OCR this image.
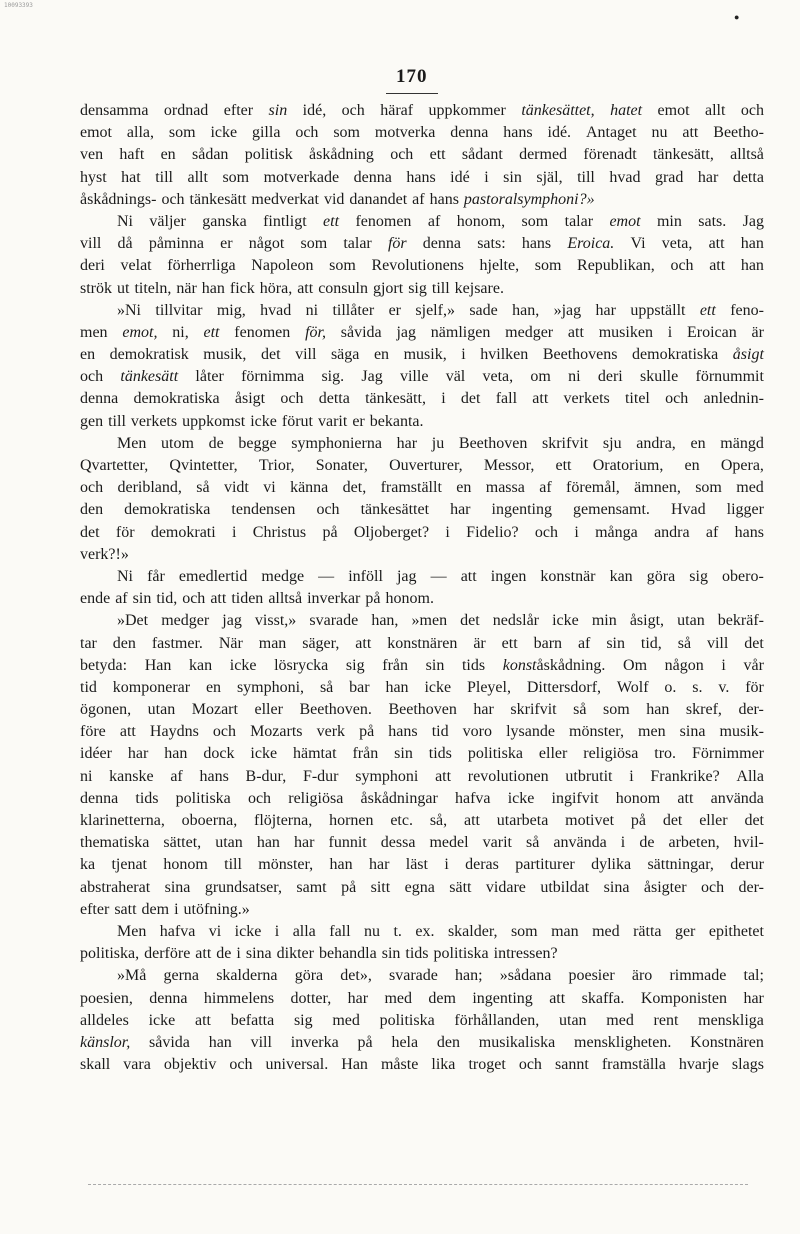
10093393
●
170
densamma ordnad efter sin idé, och häraf uppkommer tänkesättet, hatet emot allt och
emot alla, som icke gilla och som motverka denna hans idé. Antaget nu att Beetho-
ven haft en sådan politisk åskådning och ett sådant dermed förenadt tänkesätt, alltså
hyst hat till allt som motverkade denna hans idé i sin själ, till hvad grad har detta
åskådnings- och tänkesätt medverkat vid danandet af hans pastoralsymphoni?»
Ni väljer ganska fintligt ett fenomen af honom, som talar emot min sats. Jag
vill då påminna er något som talar för denna sats: hans Eroica. Vi veta, att han
deri velat förherrliga Napoleon som Revolutionens hjelte, som Republikan, och att han
strök ut titeln, när han fick höra, att consuln gjort sig till kejsare.
»Ni tillvitar mig, hvad ni tillåter er sjelf,» sade han, »jag har uppställt ett feno-
men emot, ni, ett fenomen för, såvida jag nämligen medger att musiken i Eroican är
en demokratisk musik, det vill säga en musik, i hvilken Beethovens demokratiska åsigt
och tänkesätt låter förnimma sig. Jag ville väl veta, om ni deri skulle förnummit
denna demokratiska åsigt och detta tänkesätt, i det fall att verkets titel och anlednin-
gen till verkets uppkomst icke förut varit er bekanta.
Men utom de begge symphonierna har ju Beethoven skrifvit sju andra, en mängd
Qvartetter, Qvintetter, Trior, Sonater, Ouverturer, Messor, ett Oratorium, en Opera,
och deribland, så vidt vi känna det, framställt en massa af föremål, ämnen, som med
den demokratiska tendensen och tänkesättet har ingenting gemensamt. Hvad ligger
det för demokrati i Christus på Oljoberget? i Fidelio? och i många andra af hans
verk?!»
Ni får emedlertid medge — inföll jag — att ingen konstnär kan göra sig obero-
ende af sin tid, och att tiden alltså inverkar på honom.
»Det medger jag visst,» svarade han, »men det nedslår icke min åsigt, utan bekräf-
tar den fastmer. När man säger, att konstnären är ett barn af sin tid, så vill det
betyda: Han kan icke lösrycka sig från sin tids konståskådning. Om någon i vår
tid komponerar en symphoni, så bar han icke Pleyel, Dittersdorf, Wolf o. s. v. för
ögonen, utan Mozart eller Beethoven. Beethoven har skrifvit så som han skref, der-
före att Haydns och Mozarts verk på hans tid voro lysande mönster, men sina musik-
idéer har han dock icke hämtat från sin tids politiska eller religiösa tro. Förnimmer
ni kanske af hans B-dur, F-dur symphoni att revolutionen utbrutit i Frankrike? Alla
denna tids politiska och religiösa åskådningar hafva icke ingifvit honom att använda
klarinetterna, oboerna, flöjterna, hornen etc. så, att utarbeta motivet på det eller det
thematiska sättet, utan han har funnit dessa medel varit så använda i de arbeten, hvil-
ka tjenat honom till mönster, han har läst i deras partiturer dylika sättningar, derur
abstraherat sina grundsatser, samt på sitt egna sätt vidare utbildat sina åsigter och der-
efter satt dem i utöfning.»
Men hafva vi icke i alla fall nu t. ex. skalder, som man med rätta ger epithetet
politiska, derföre att de i sina dikter behandla sin tids politiska intressen?
»Må gerna skalderna göra det», svarade han; »sådana poesier äro rimmade tal;
poesien, denna himmelens dotter, har med dem ingenting att skaffa. Komponisten har
alldeles icke att befatta sig med politiska förhållanden, utan med rent menskliga
känslor, såvida han vill inverka på hela den musikaliska menskligheten. Konstnären
skall vara objektiv och universal. Han måste lika troget och sannt framställa hvarje slags
